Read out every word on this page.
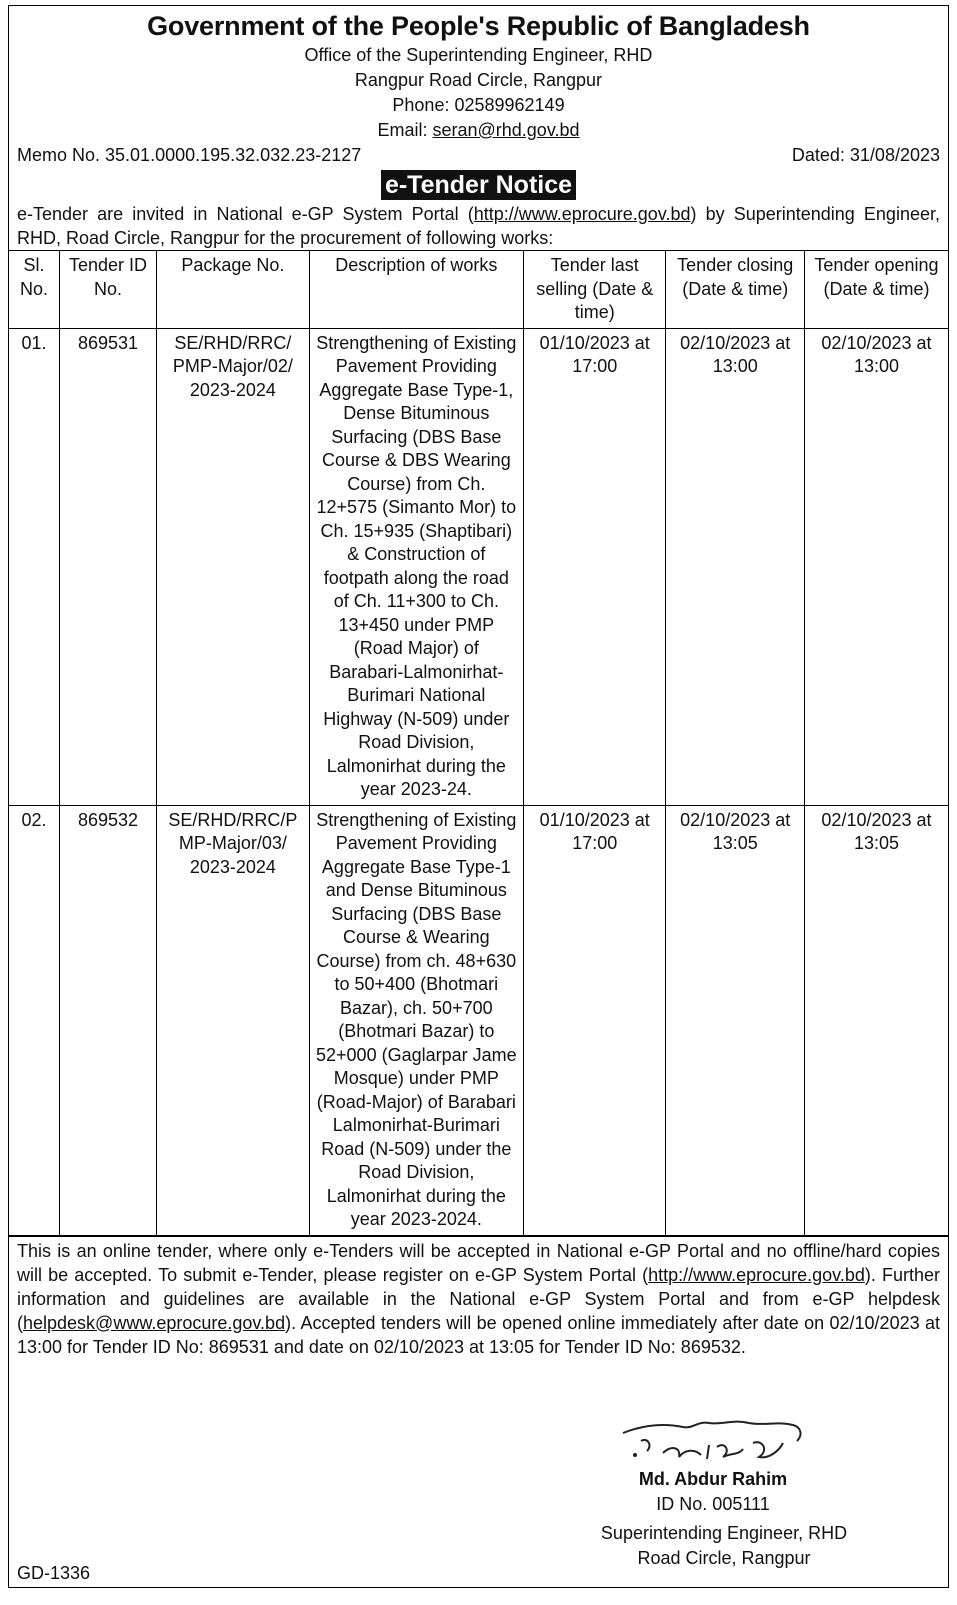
Government of the People's Republic of Bangladesh
Office of the Superintending Engineer, RHD
Rangpur Road Circle, Rangpur
Phone: 02589962149
Email: seran@rhd.gov.bd
Memo No. 35.01.0000.195.32.032.23-2127	Dated: 31/08/2023
e-Tender Notice
e-Tender are invited in National e-GP System Portal (http://www.eprocure.gov.bd) by Superintending Engineer, RHD, Road Circle, Rangpur for the procurement of following works:
Sl. No.	Tender ID No.	Package No.	Description of works	Tender last selling (Date & time)	Tender closing (Date & time)	Tender opening (Date & time)
01.	869531	SE/RHD/RRC/ PMP-Major/02/ 2023-2024	Strengthening of Existing Pavement Providing Aggregate Base Type-1, Dense Bituminous Surfacing (DBS Base Course & DBS Wearing Course) from Ch. 12+575 (Simanto Mor) to Ch. 15+935 (Shaptibari) & Construction of footpath along the road of Ch. 11+300 to Ch. 13+450 under PMP (Road Major) of Barabari-Lalmonirhat-Burimari National Highway (N-509) under Road Division, Lalmonirhat during the year 2023-24.	01/10/2023 at 17:00	02/10/2023 at 13:00	02/10/2023 at 13:00
02.	869532	SE/RHD/RRC/P MP-Major/03/ 2023-2024	Strengthening of Existing Pavement Providing Aggregate Base Type-1 and Dense Bituminous Surfacing (DBS Base Course & Wearing Course) from ch. 48+630 to 50+400 (Bhotmari Bazar), ch. 50+700 (Bhotmari Bazar) to 52+000 (Gaglarpar Jame Mosque) under PMP (Road-Major) of Barabari Lalmonirhat-Burimari Road (N-509) under the Road Division, Lalmonirhat during the year 2023-2024.	01/10/2023 at 17:00	02/10/2023 at 13:05	02/10/2023 at 13:05
This is an online tender, where only e-Tenders will be accepted in National e-GP Portal and no offline/hard copies will be accepted. To submit e-Tender, please register on e-GP System Portal (http://www.eprocure.gov.bd). Further information and guidelines are available in the National e-GP System Portal and from e-GP helpdesk (helpdesk@www.eprocure.gov.bd). Accepted tenders will be opened online immediately after date on 02/10/2023 at 13:00 for Tender ID No: 869531 and date on 02/10/2023 at 13:05 for Tender ID No: 869532.
Md. Abdur Rahim
ID No. 005111
Superintending Engineer, RHD
Road Circle, Rangpur
GD-1336
